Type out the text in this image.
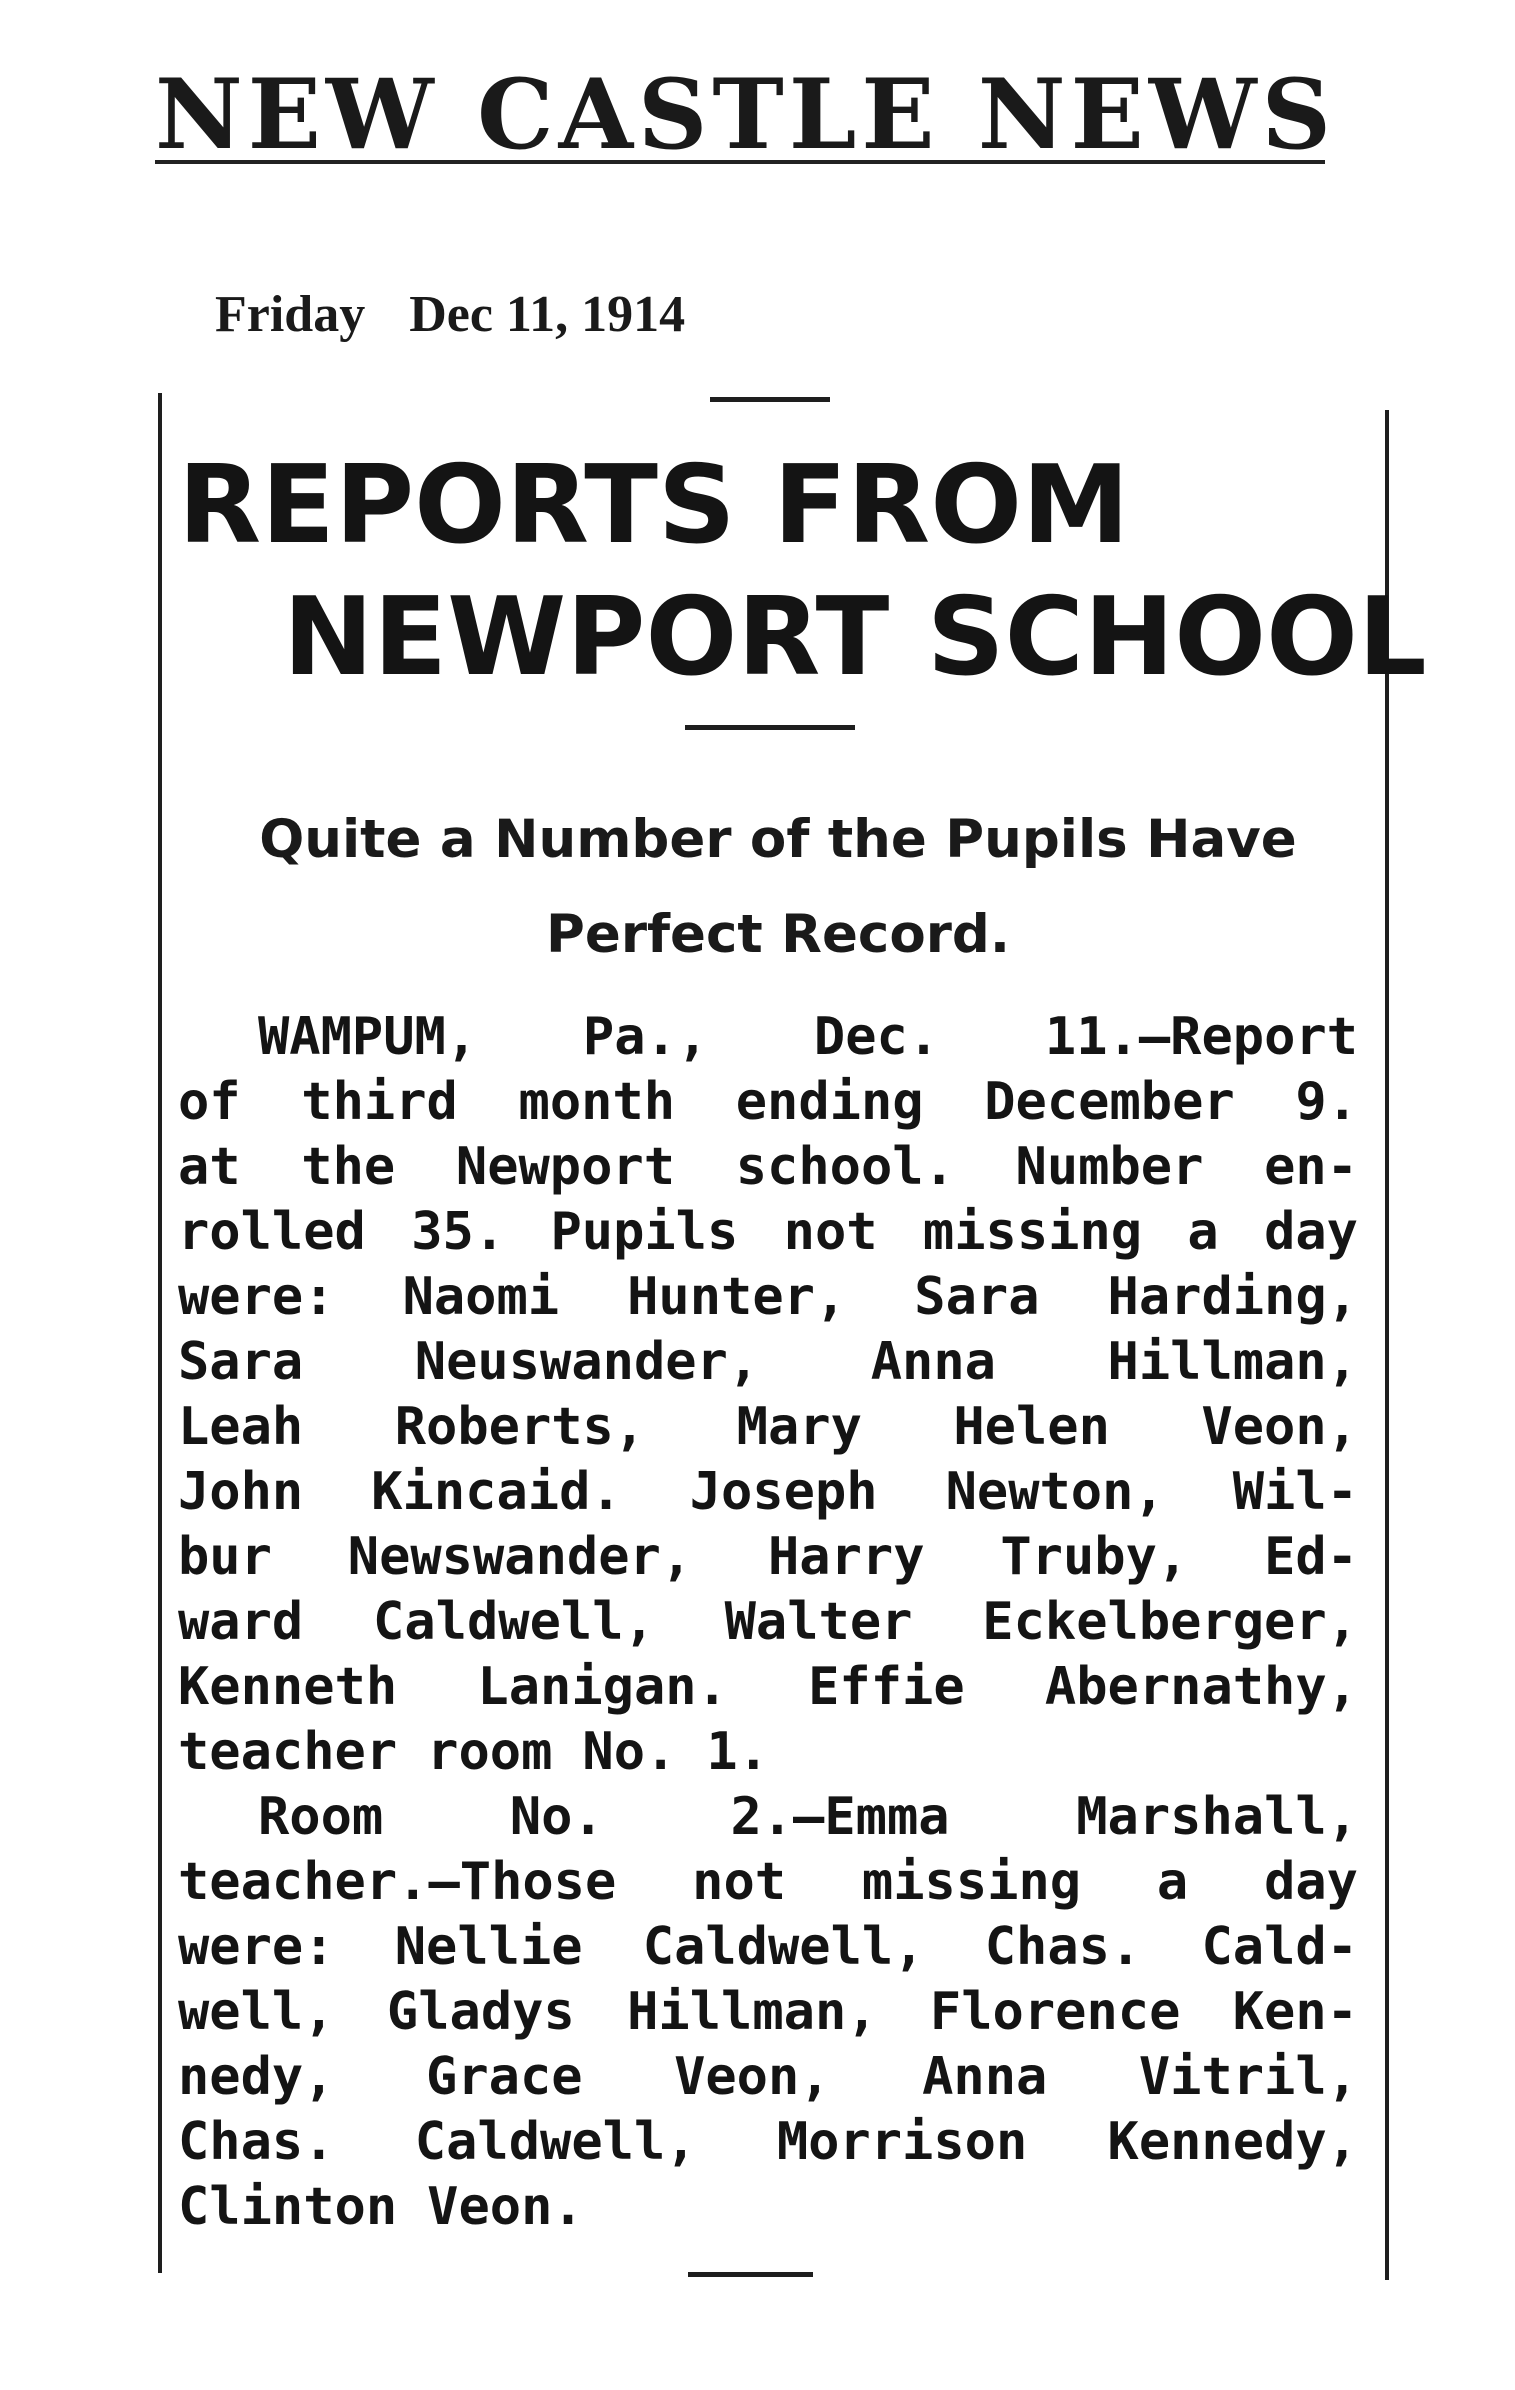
NEW CASTLE NEWS
Friday Dec 11, 1914
REPORTS FROM
NEWPORT SCHOOL
Quite a Number of the Pupils Have
Perfect Record.
WAMPUM, Pa., Dec. 11.—Report
of third month ending December 9.
at the Newport school. Number en-
rolled 35. Pupils not missing a day
were: Naomi Hunter, Sara Harding,
Sara Neuswander, Anna Hillman,
Leah Roberts, Mary Helen Veon,
John Kincaid. Joseph Newton, Wil-
bur Newswander, Harry Truby, Ed-
ward Caldwell, Walter Eckelberger,
Kenneth Lanigan. Effie Abernathy,
teacher room No. 1.
Room No. 2.—Emma Marshall,
teacher.—Those not missing a day
were: Nellie Caldwell, Chas. Cald-
well, Gladys Hillman, Florence Ken-
nedy, Grace Veon, Anna Vitril,
Chas. Caldwell, Morrison Kennedy,
Clinton Veon.
